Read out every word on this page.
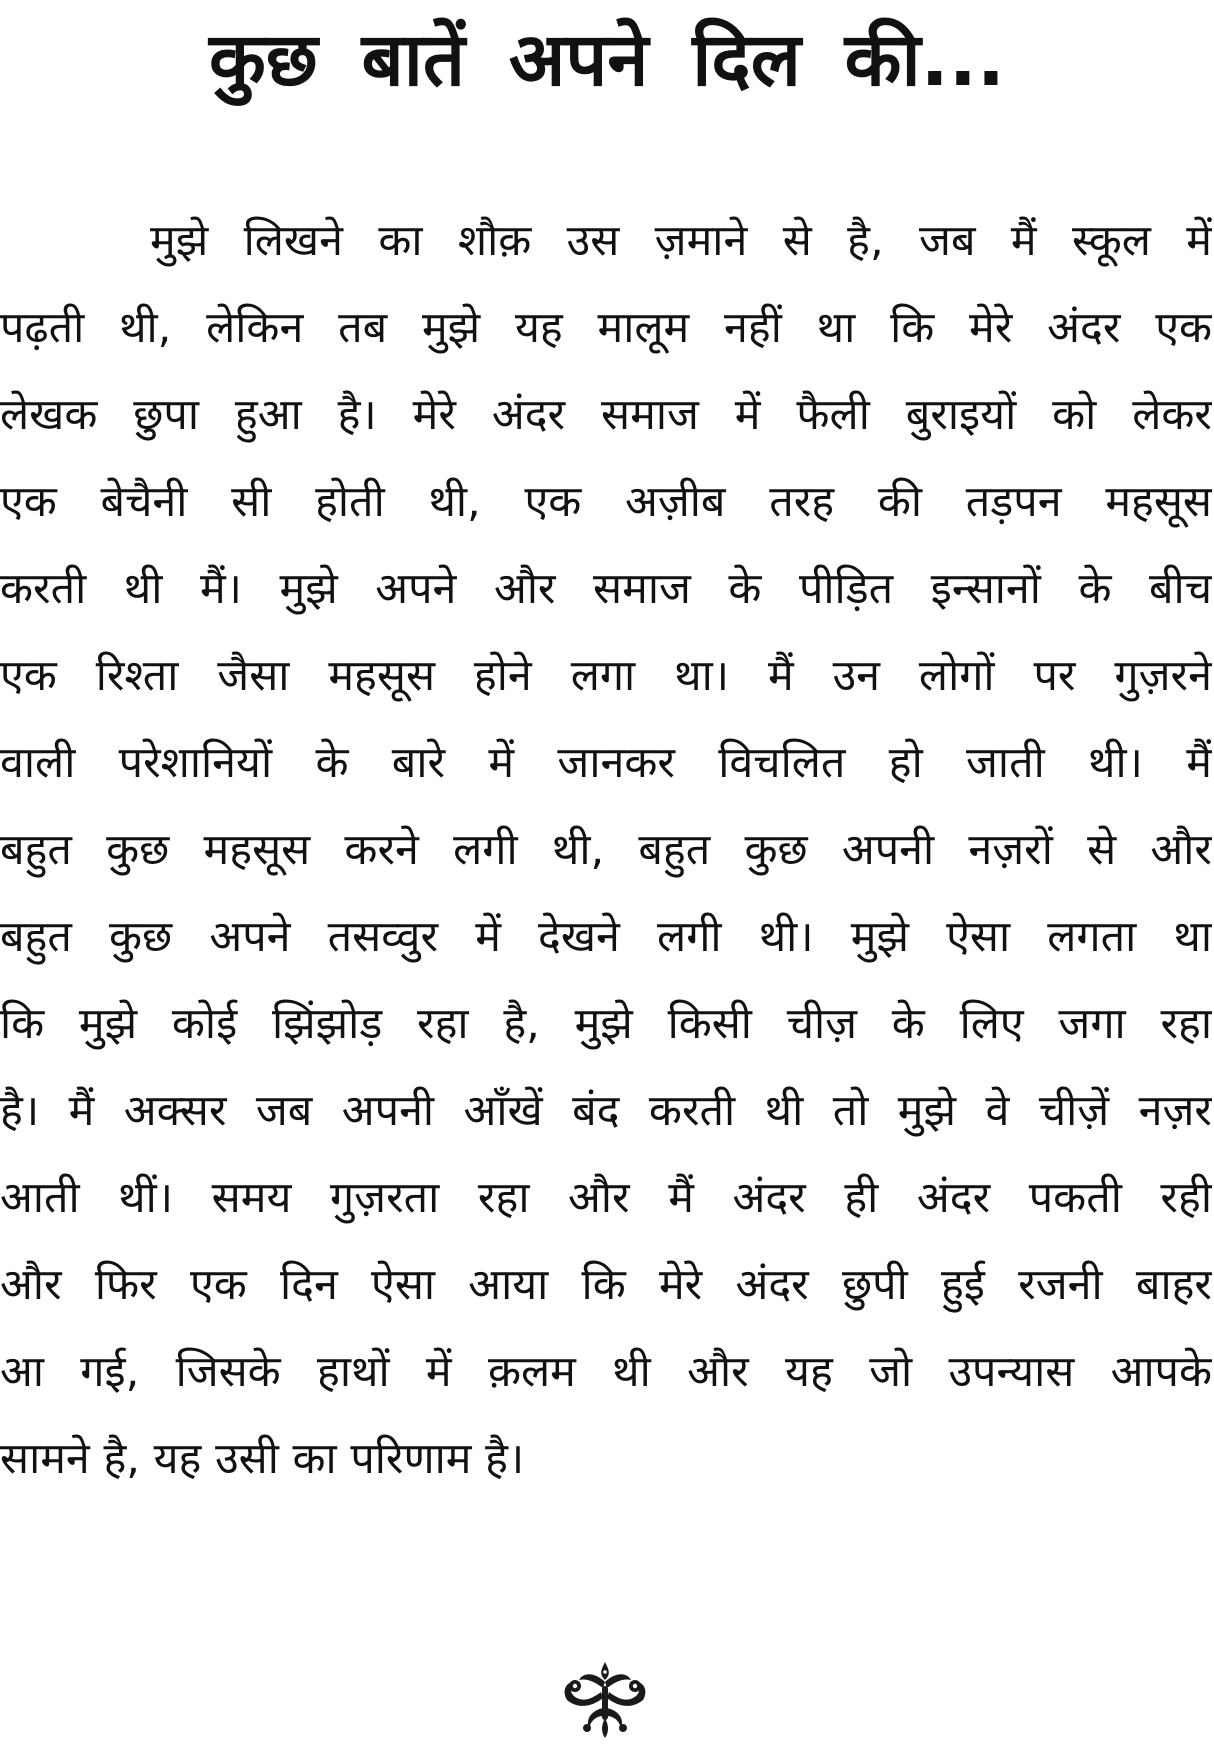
कुछ बातें अपने दिल की...
मुझे लिखने का शौक़ उस ज़माने से है, जब मैं स्कूल में
पढ़ती थी, लेकिन तब मुझे यह मालूम नहीं था कि मेरे अंदर एक
लेखक छुपा हुआ है। मेरे अंदर समाज में फैली बुराइयों को लेकर
एक बेचैनी सी होती थी, एक अज़ीब तरह की तड़पन महसूस
करती थी मैं। मुझे अपने और समाज के पीड़ित इन्सानों के बीच
एक रिश्ता जैसा महसूस होने लगा था। मैं उन लोगों पर गुज़रने
वाली परेशानियों के बारे में जानकर विचलित हो जाती थी। मैं
बहुत कुछ महसूस करने लगी थी, बहुत कुछ अपनी नज़रों से और
बहुत कुछ अपने तसव्वुर में देखने लगी थी। मुझे ऐसा लगता था
कि मुझे कोई झिंझोड़ रहा है, मुझे किसी चीज़ के लिए जगा रहा
है। मैं अक्सर जब अपनी आँखें बंद करती थी तो मुझे वे चीज़ें नज़र
आती थीं। समय गुज़रता रहा और मैं अंदर ही अंदर पकती रही
और फिर एक दिन ऐसा आया कि मेरे अंदर छुपी हुई रजनी बाहर
आ गई, जिसके हाथों में क़लम थी और यह जो उपन्यास आपके
सामने है, यह उसी का परिणाम है।
